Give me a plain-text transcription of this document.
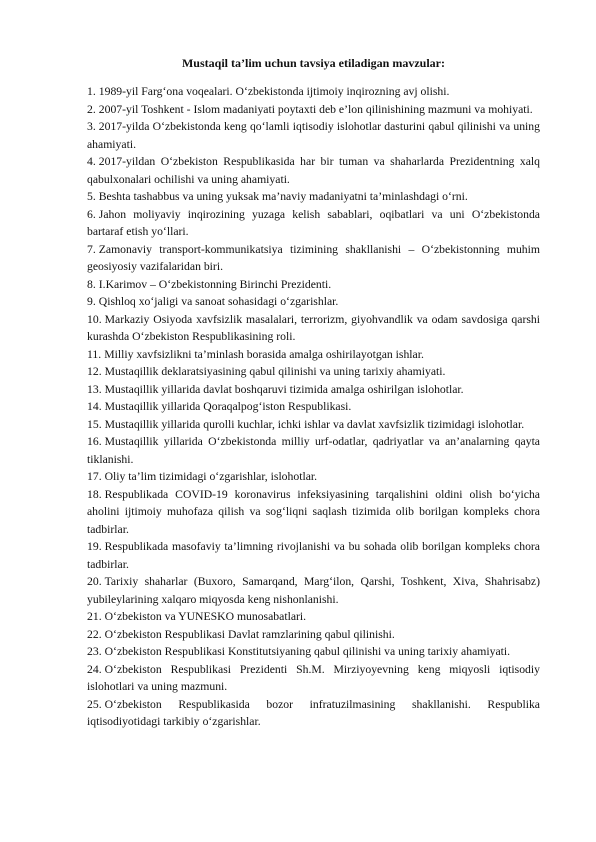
Mustaqil ta’lim uchun tavsiya etiladigan mavzular:
1. 1989-yil Farg‘ona voqealari. O‘zbekistonda ijtimoiy inqirozning avj olishi.
2. 2007-yil Toshkent - Islom madaniyati poytaxti deb e’lon qilinishining mazmuni va mohiyati.
3. 2017-yilda O‘zbekistonda keng qo‘lamli iqtisodiy islohotlar dasturini qabul qilinishi va uning ahamiyati.
4. 2017-yildan O‘zbekiston Respublikasida har bir tuman va shaharlarda Prezidentning xalq qabulxonalari ochilishi va uning ahamiyati.
5. Beshta tashabbus va uning yuksak ma’naviy madaniyatni ta’minlashdagi o‘rni.
6. Jahon moliyaviy inqirozining yuzaga kelish sabablari, oqibatlari va uni O‘zbekistonda bartaraf etish yo‘llari.
7. Zamonaviy transport-kommunikatsiya tizimining shakllanishi – O‘zbekistonning muhim geosiyosiy vazifalaridan biri.
8. I.Karimov – O‘zbekistonning Birinchi Prezidenti.
9. Qishloq xo‘jaligi va sanoat sohasidagi o‘zgarishlar.
10. Markaziy Osiyoda xavfsizlik masalalari, terrorizm, giyohvandlik va odam savdosiga qarshi kurashda O‘zbekiston Respublikasining roli.
11. Milliy xavfsizlikni ta’minlash borasida amalga oshirilayotgan ishlar.
12. Mustaqillik deklaratsiyasining qabul qilinishi va uning tarixiy ahamiyati.
13. Mustaqillik yillarida davlat boshqaruvi tizimida amalga oshirilgan islohotlar.
14. Mustaqillik yillarida Qoraqalpog‘iston Respublikasi.
15. Mustaqillik yillarida qurolli kuchlar, ichki ishlar va davlat xavfsizlik tizimidagi islohotlar.
16. Mustaqillik yillarida O‘zbekistonda milliy urf-odatlar, qadriyatlar va an’analarning qayta tiklanishi.
17. Oliy ta’lim tizimidagi o‘zgarishlar, islohotlar.
18. Respublikada COVID-19 koronavirus infeksiyasining tarqalishini oldini olish bo‘yicha aholini ijtimoiy muhofaza qilish va sog‘liqni saqlash tizimida olib borilgan kompleks chora tadbirlar.
19. Respublikada masofaviy ta’limning rivojlanishi va bu sohada olib borilgan kompleks chora tadbirlar.
20. Tarixiy shaharlar (Buxoro, Samarqand, Marg‘ilon, Qarshi, Toshkent, Xiva, Shahrisabz) yubileylarining xalqaro miqyosda keng nishonlanishi.
21. O‘zbekiston va YUNESKO munosabatlari.
22. O‘zbekiston Respublikasi Davlat ramzlarining qabul qilinishi.
23. O‘zbekiston Respublikasi Konstitutsiyaning qabul qilinishi va uning tarixiy ahamiyati.
24. O‘zbekiston Respublikasi Prezidenti Sh.M. Mirziyoyevning keng miqyosli iqtisodiy islohotlari va uning mazmuni.
25. O‘zbekiston Respublikasida bozor infratuzilmasining shakllanishi. Respublika iqtisodiyotidagi tarkibiy o‘zgarishlar.
